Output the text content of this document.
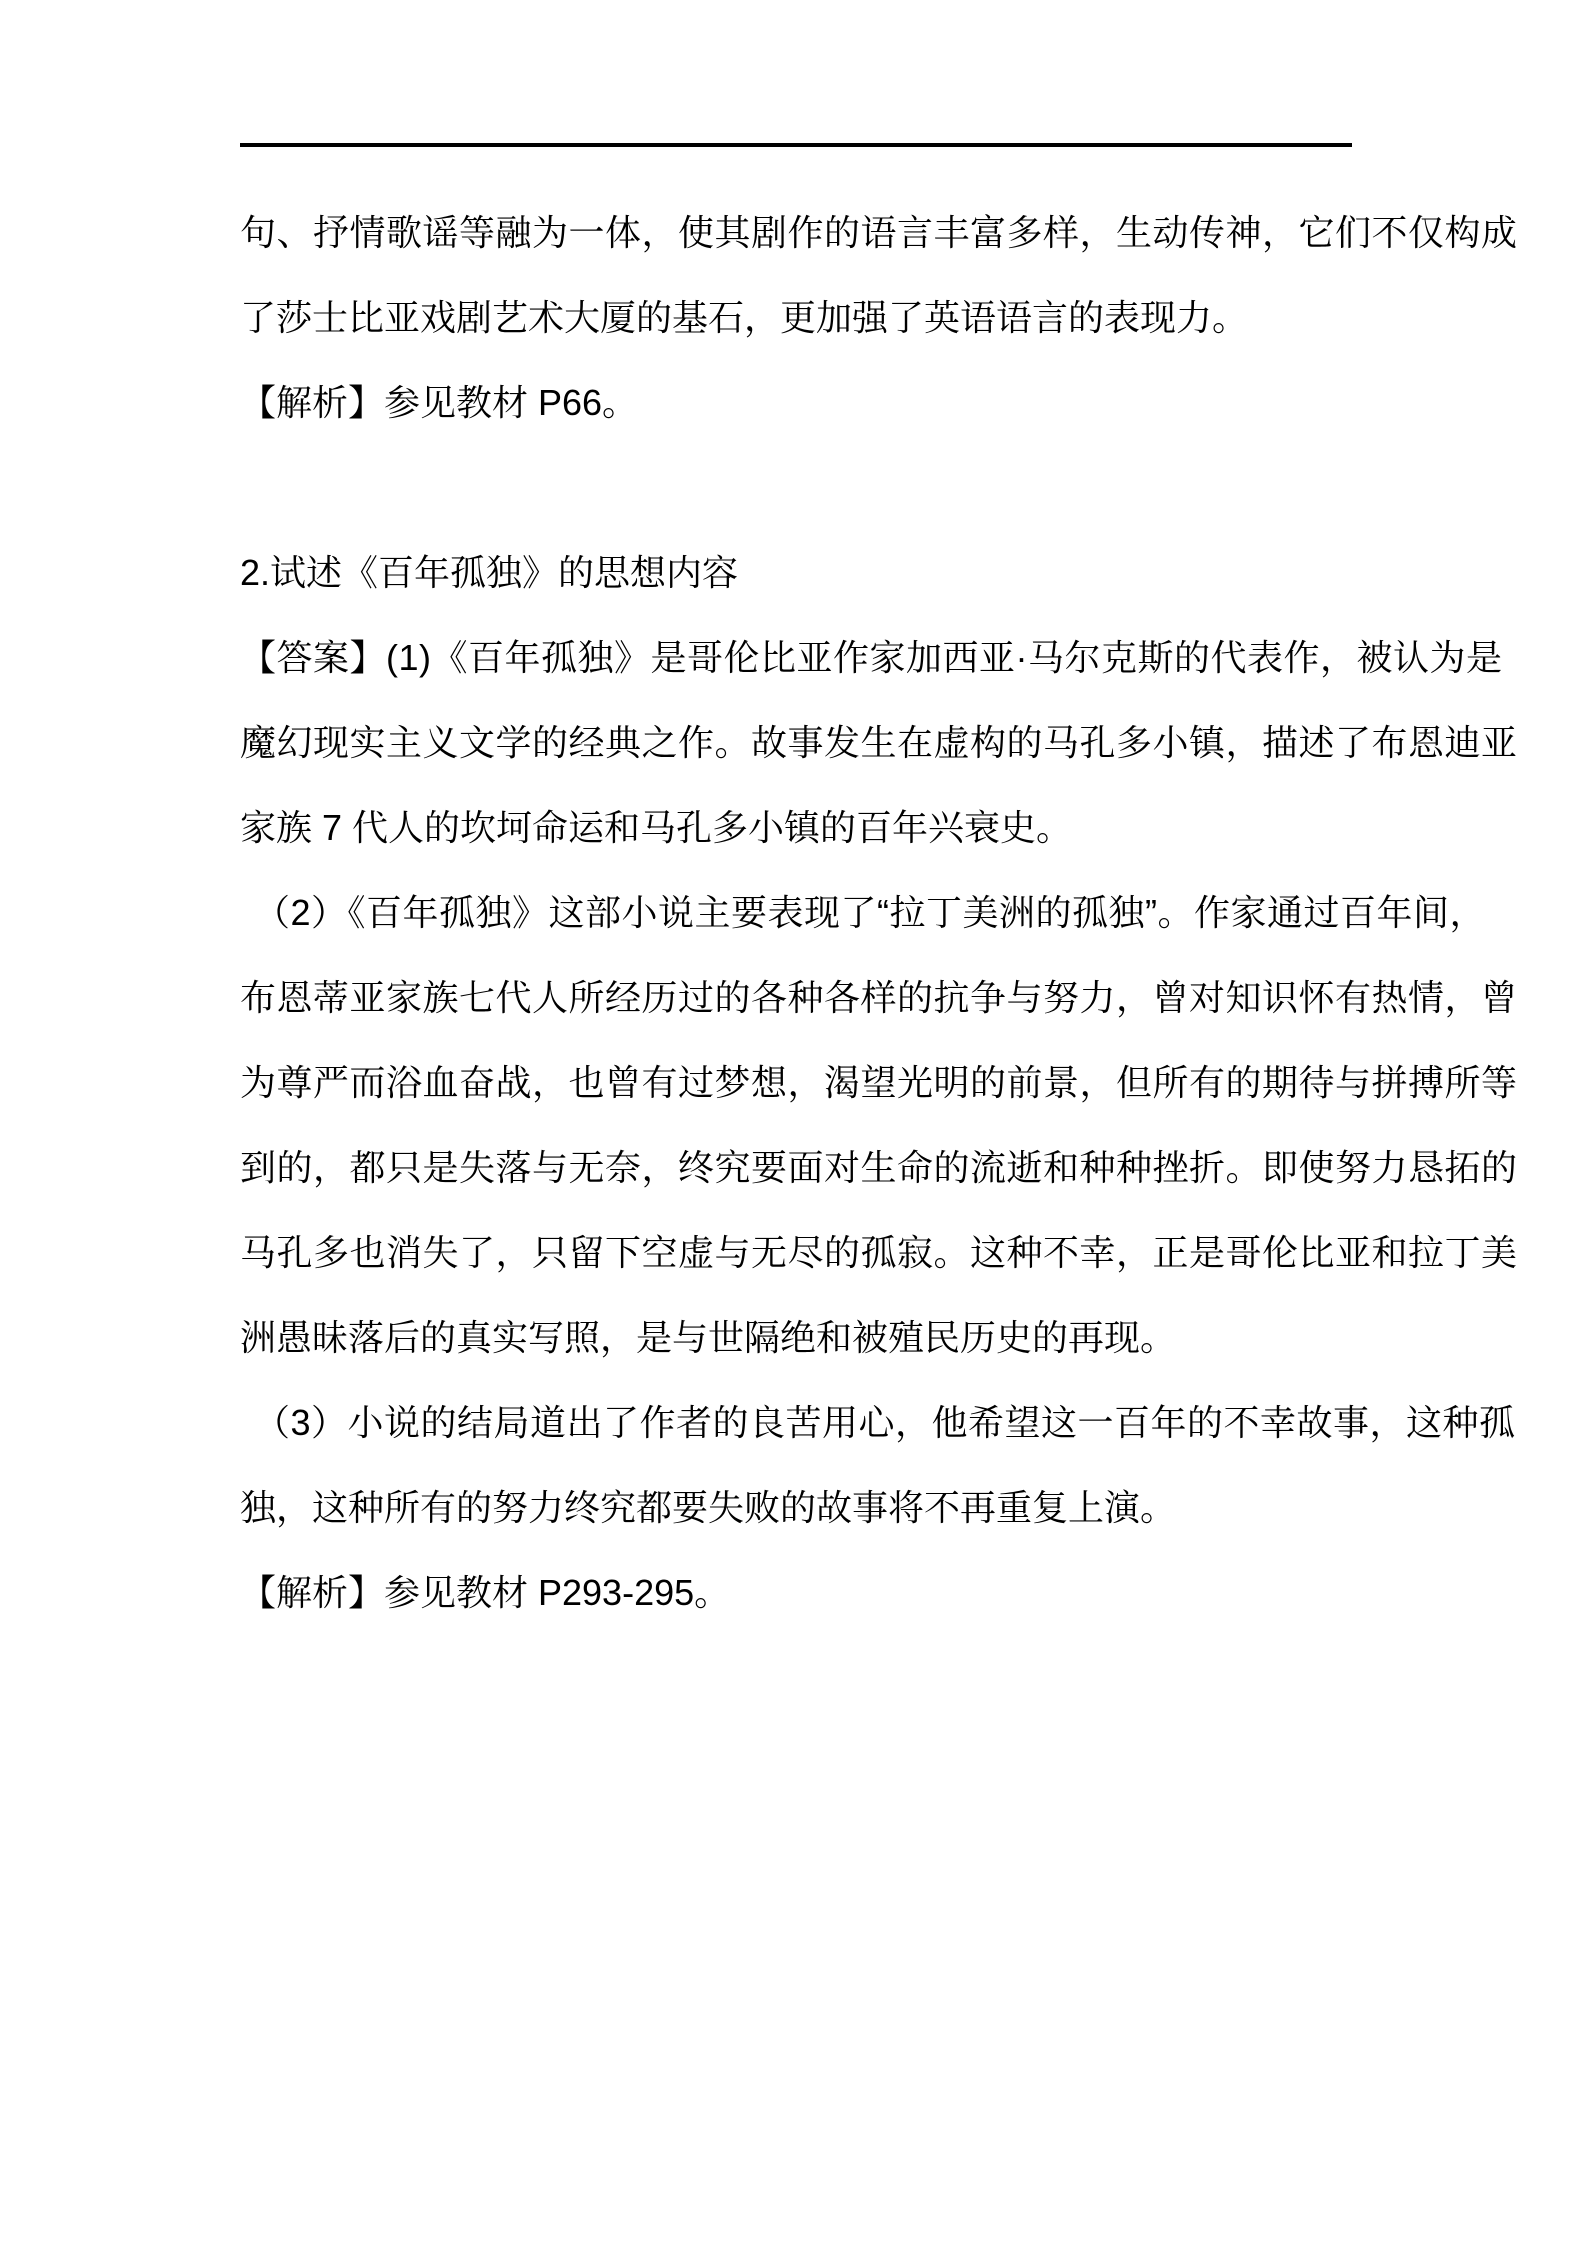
句、抒情歌谣等融为一体，使其剧作的语言丰富多样，生动传神，它们不仅构成
了莎士比亚戏剧艺术大厦的基石，更加强了英语语言的表现力。
【解析】参见教材 P66。
2.试述《百年孤独》的思想内容
【答案】(1)《百年孤独》是哥伦比亚作家加西亚·马尔克斯的代表作，被认为是
魔幻现实主义文学的经典之作。故事发生在虚构的马孔多小镇，描述了布恩迪亚
家族 7 代人的坎坷命运和马孔多小镇的百年兴衰史。
（2）《百年孤独》这部小说主要表现了“拉丁美洲的孤独”。作家通过百年间，
布恩蒂亚家族七代人所经历过的各种各样的抗争与努力，曾对知识怀有热情，曾
为尊严而浴血奋战，也曾有过梦想，渴望光明的前景，但所有的期待与拼搏所等
到的，都只是失落与无奈，终究要面对生命的流逝和种种挫折。即使努力恳拓的
马孔多也消失了，只留下空虚与无尽的孤寂。这种不幸，正是哥伦比亚和拉丁美
洲愚昧落后的真实写照，是与世隔绝和被殖民历史的再现。
（3）小说的结局道出了作者的良苦用心，他希望这一百年的不幸故事，这种孤
独，这种所有的努力终究都要失败的故事将不再重复上演。
【解析】参见教材 P293-295。
